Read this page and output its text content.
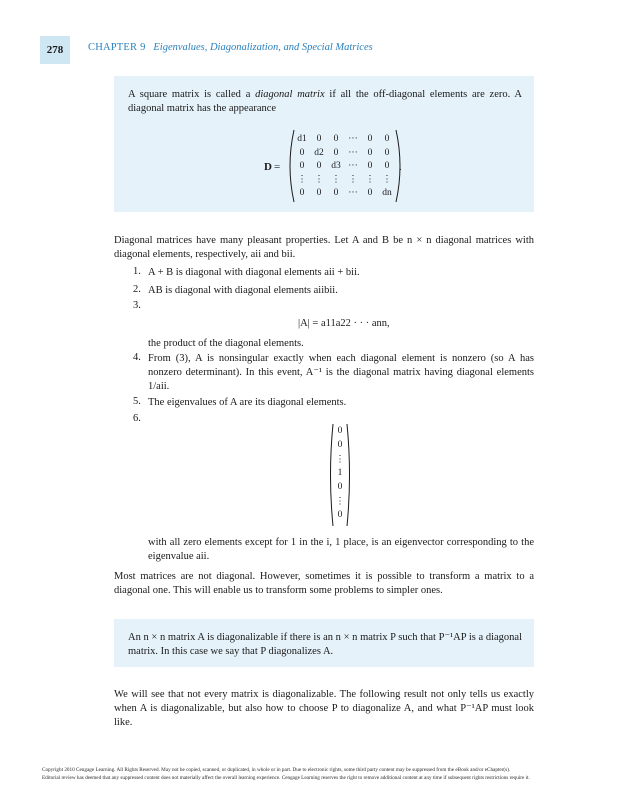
278 CHAPTER 9 Eigenvalues, Diagonalization, and Special Matrices
A square matrix is called a diagonal matrix if all the off-diagonal elements are zero. A diagonal matrix has the appearance
D =
d1	0	0	···	0	0
0	d2	0	···	0	0
0	0	d3 ···	0	0
⋮ ⋮ ⋮ ⋮ ⋮ ⋮
0	0	0	···	0	dn
.
Diagonal matrices have many pleasant properties. Let A and B be n × n diagonal matrices with diagonal elements, respectively, aii and bii.
1. A + B is diagonal with diagonal elements aii + bii.
2. AB is diagonal with diagonal elements aiibii.
3.
|A| = a11a22 · · · ann,
the product of the diagonal elements.
4. From (3), A is nonsingular exactly when each diagonal element is nonzero (so A has nonzero determinant). In this event, A⁻¹ is the diagonal matrix having diagonal elements 1/aii.
5. The eigenvalues of A are its diagonal elements.
6.
0
0
⋮
1
0
⋮
0
with all zero elements except for 1 in the i, 1 place, is an eigenvector corresponding to the eigenvalue aii.
Most matrices are not diagonal. However, sometimes it is possible to transform a matrix to a diagonal one. This will enable us to transform some problems to simpler ones.
An n × n matrix A is diagonalizable if there is an n × n matrix P such that P⁻¹AP is a diagonal matrix. In this case we say that P diagonalizes A.
We will see that not every matrix is diagonalizable. The following result not only tells us exactly when A is diagonalizable, but also how to choose P to diagonalize A, and what P⁻¹AP must look like.
Copyright 2010 Cengage Learning. All Rights Reserved. May not be copied, scanned, or duplicated, in whole or in part. Due to electronic rights, some third party content may be suppressed from the eBook and/or eChapter(s).
Editorial review has deemed that any suppressed content does not materially affect the overall learning experience. Cengage Learning reserves the right to remove additional content at any time if subsequent rights restrictions require it.
